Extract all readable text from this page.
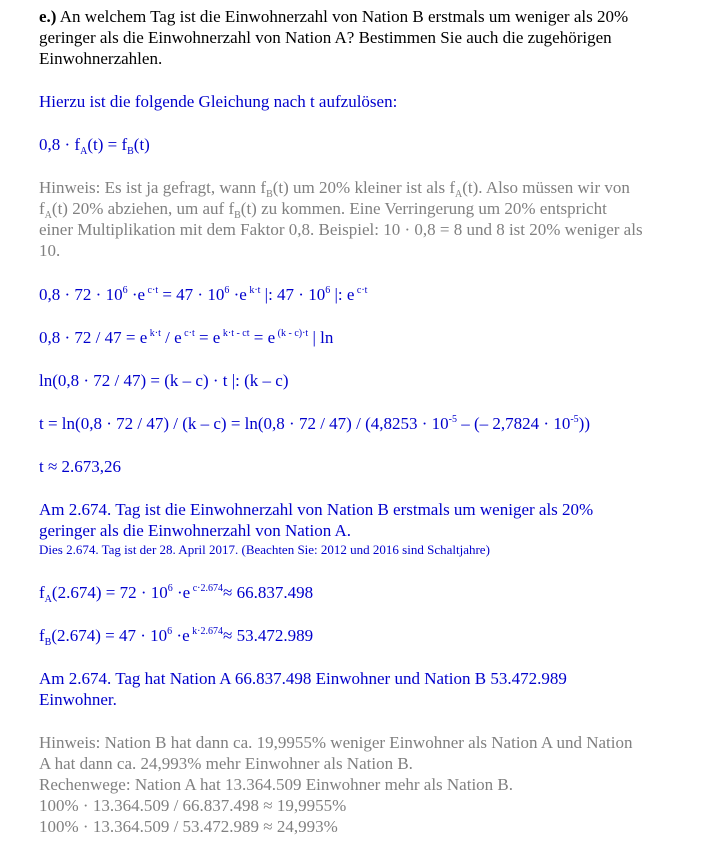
e.) An welchem Tag ist die Einwohnerzahl von Nation B erstmals um weniger als 20%
geringer als die Einwohnerzahl von Nation A? Bestimmen Sie auch die zugehörigen
Einwohnerzahlen.
Hierzu ist die folgende Gleichung nach t aufzulösen:
$0,8 \cdot f_A(t) = f_B(t)$
Hinweis: Es ist ja gefragt, wann $f_B(t)$ um 20% kleiner ist als $f_A(t)$. Also müssen wir von
$f_A(t)$ 20% abziehen, um auf $f_B(t)$ zu kommen. Eine Verringerung um 20% entspricht
einer Multiplikation mit dem Faktor 0,8. Beispiel: 10 · 0,8 = 8 und 8 ist 20% weniger als
10.
$0,8 \cdot 72 \cdot 10^6 \cdot e$ $^{c\cdot t} = 47 \cdot 10^6 \cdot e$ $^{k\cdot t}$ |: $47 \cdot 10^6$ |: e $^{c\cdot t}$
0,8 · 72 / 47 = e $^{k\cdot t}$ / e $^{c\cdot t}$ = e $^{k\cdot t - ct}$ = e $^{(k - c)\cdot t}$ | ln
ln(0,8 · 72 / 47) = (k – c) · t |: (k – c)
$t = \ln(0,8 \cdot 72 / 47) / (k - c) = \ln(0,8 \cdot 72 / 47) / (4,8253 \cdot 10^{-5}$ – (– $2,7824 \cdot 10^{-5}$))
t ≈ 2.673,26
Am 2.674. Tag ist die Einwohnerzahl von Nation B erstmals um weniger als 20%
geringer als die Einwohnerzahl von Nation A.
Dies 2.674. Tag ist der 28. April 2017. (Beachten Sie: 2012 und 2016 sind Schaltjahre)
$f_A(2.674) = 72 \cdot 10^6 \cdot e$ $^{c\cdot 2.674}$≈ 66.837.498
$f_B(2.674) = 47 \cdot 10^6 \cdot e$ $^{k\cdot 2.674}$≈ 53.472.989
Am 2.674. Tag hat Nation A 66.837.498 Einwohner und Nation B 53.472.989
Einwohner.
Hinweis: Nation B hat dann ca. 19,9955% weniger Einwohner als Nation A und Nation
A hat dann ca. 24,993% mehr Einwohner als Nation B.
Rechenwege: Nation A hat 13.364.509 Einwohner mehr als Nation B.
100% · 13.364.509 / 66.837.498 ≈ 19,9955%
100% · 13.364.509 / 53.472.989 ≈ 24,993%
